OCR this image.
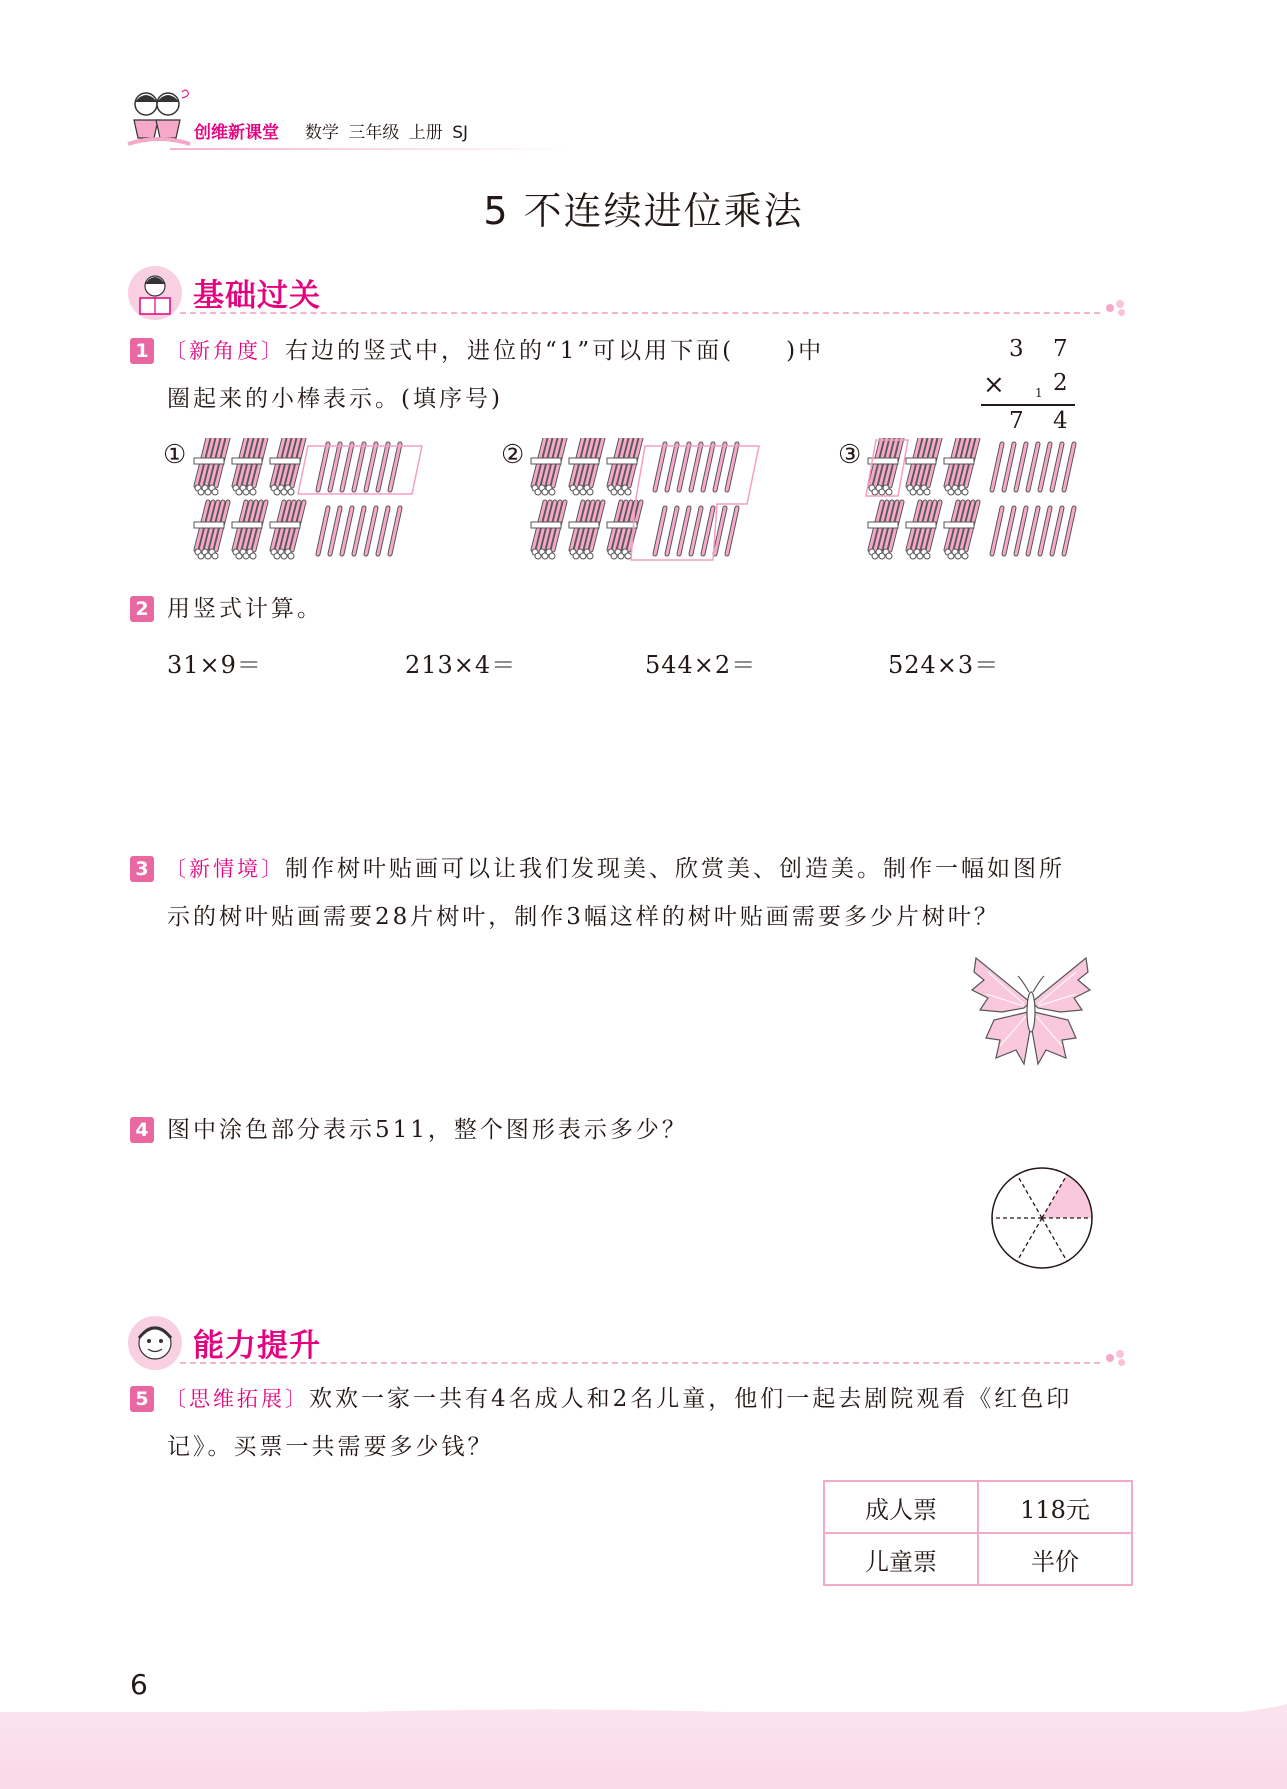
创维新课堂 数学 三年级 上册 SJ
5 不连续进位乘法
基础过关
1 〔新角度〕右边的竖式中，进位的“1”可以用下面(　　)中
圈起来的小棒表示。(填序号)
3 7
×	1 2
7 4
①	②	③
2 用竖式计算。
31×9＝	213×4＝	544×2＝	524×3＝
3 〔新情境〕制作树叶贴画可以让我们发现美、欣赏美、创造美。制作一幅如图所
示的树叶贴画需要28片树叶，制作3幅这样的树叶贴画需要多少片树叶？
4 图中涂色部分表示511，整个图形表示多少？
能力提升
5 〔思维拓展〕欢欢一家一共有4名成人和2名儿童，他们一起去剧院观看《红色印
记》。买票一共需要多少钱？
成人票	118元
儿童票	半价
6
